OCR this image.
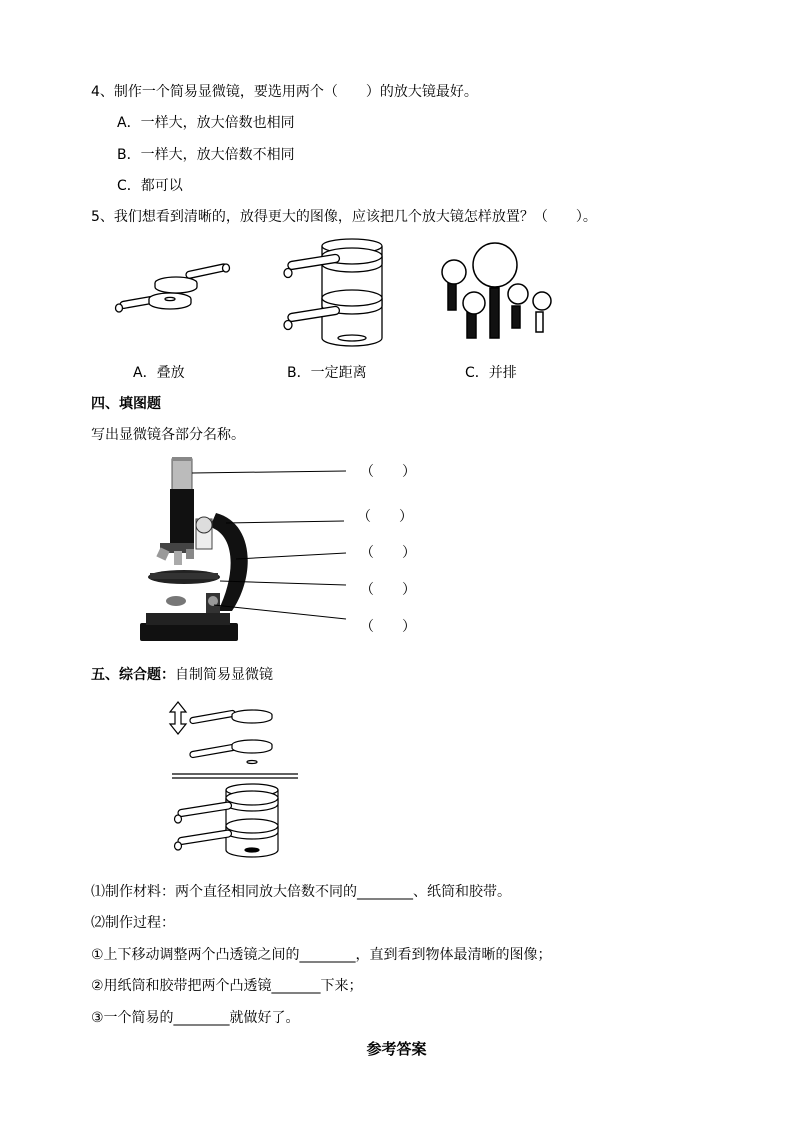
4、制作一个简易显微镜，要选用两个（　　）的放大镜最好。
A．一样大，放大倍数也相同
B．一样大，放大倍数不相同
C．都可以
5、我们想看到清晰的，放得更大的图像，应该把几个放大镜怎样放置？（　　）。
A．叠放	B．一定距离	C．并排
四、填图题
写出显微镜各部分名称。
（　　）
（　　）
（　　）
（　　）
（　　）
五、综合题：自制简易显微镜
⑴制作材料：两个直径相同放大倍数不同的________、纸筒和胶带。
⑵制作过程：
①上下移动调整两个凸透镜之间的________，直到看到物体最清晰的图像；
②用纸筒和胶带把两个凸透镜_______下来；
③一个简易的________就做好了。
参考答案
